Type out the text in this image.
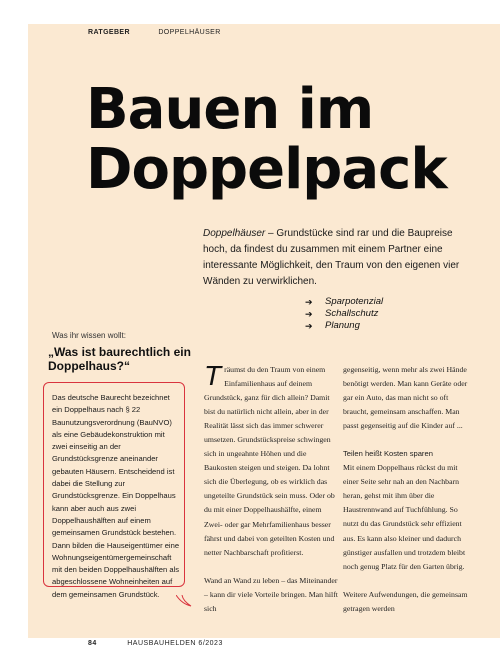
RATGEBER	DOPPELHÄUSER
Bauen im
Doppelpack
Doppelhäuser – Grundstücke sind rar und die Baupreise hoch, da findest du zusammen mit einem Partner eine interessante Möglichkeit, den Traum von den eigenen vier Wänden zu verwirklichen.
➔	Sparpotenzial
➔	Schallschutz
➔	Planung
Was ihr wissen wollt:
„Was ist baurechtlich ein Doppelhaus?“

Das deutsche Baurecht bezeichnet ein Doppelhaus nach § 22 Baunutzungsverordnung (BauNVO) als eine Gebäudekonstruktion mit zwei einseitig an der Grundstücksgrenze aneinander gebauten Häusern. Entscheidend ist dabei die Stellung zur Grundstücksgrenze. Ein Doppelhaus kann aber auch aus zwei Doppelhaushälften auf einem gemeinsamen Grundstück bestehen. Dann bilden die Hauseigentümer eine Wohnungseigentümergemeinschaft mit den beiden Doppelhaushälften als abgeschlossene Wohneinheiten auf dem gemeinsamen Grundstück.

Träumst du den Traum von einem Einfamilienhaus auf deinem Grundstück, ganz für dich allein? Damit bist du natürlich nicht allein, aber in der Realität lässt sich das immer schwerer umsetzen. Grundstückspreise schwingen sich in ungeahnte Höhen und die Baukosten steigen und steigen. Da lohnt sich die Überlegung, ob es wirklich das ungeteilte Grundstück sein muss. Oder ob du mit einer Doppelhaushälfte, einem Zwei- oder gar Mehrfamilienhaus besser fährst und dabei von geteilten Kosten und netter Nachbarschaft profitierst.

Wand an Wand zu leben – das Miteinander – kann dir viele Vorteile bringen. Man hilft sich

gegenseitig, wenn mehr als zwei Hände benötigt werden. Man kann Geräte oder gar ein Auto, das man nicht so oft braucht, gemeinsam anschaffen. Man passt gegenseitig auf die Kinder auf ...

Teilen heißt Kosten sparen

Mit einem Doppelhaus rückst du mit einer Seite sehr nah an den Nachbarn heran, gehst mit ihm über die Haustrennwand auf Tuchfühlung. So nutzt du das Grundstück sehr effizient aus. Es kann also kleiner und dadurch günstiger ausfallen und trotzdem bleibt noch genug Platz für den Garten übrig.

Weitere Aufwendungen, die gemeinsam getragen werden

84	HAUSBAUHELDEN 6/2023
